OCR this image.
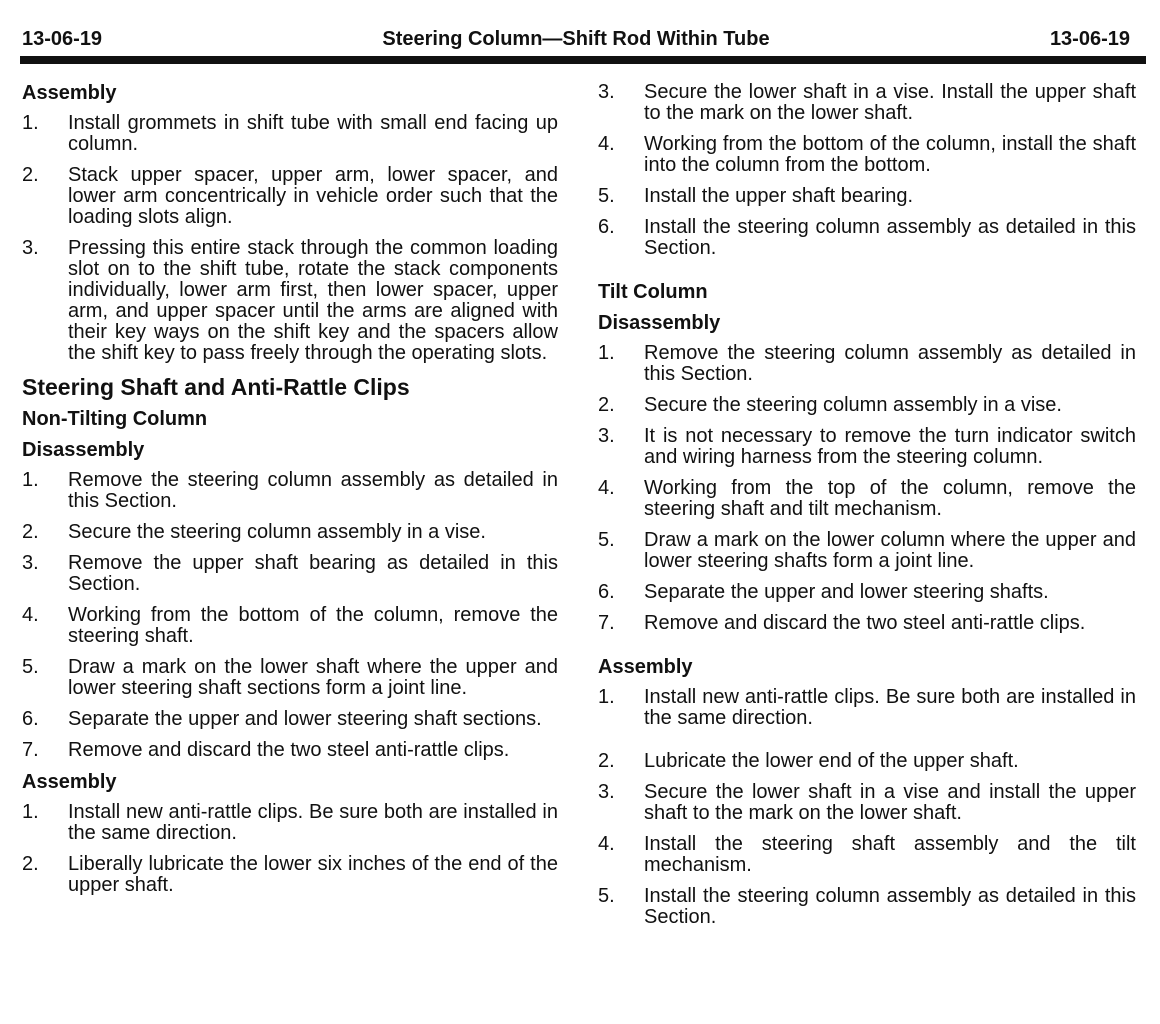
13-06-19	Steering Column—Shift Rod Within Tube	13-06-19
Assembly
1.	Install grommets in shift tube with small end facing up column.
2.	Stack upper spacer, upper arm, lower spacer, and lower arm concentrically in vehicle order such that the loading slots align.
3.	Pressing this entire stack through the common loading slot on to the shift tube, rotate the stack components individually, lower arm first, then lower spacer, upper arm, and upper spacer until the arms are aligned with their key ways on the shift key and the spacers allow the shift key to pass freely through the operating slots.
Steering Shaft and Anti-Rattle Clips
Non-Tilting Column
Disassembly
1.	Remove the steering column assembly as detailed in this Section.
2.	Secure the steering column assembly in a vise.
3.	Remove the upper shaft bearing as detailed in this Section.
4.	Working from the bottom of the column, remove the steering shaft.
5.	Draw a mark on the lower shaft where the upper and lower steering shaft sections form a joint line.
6.	Separate the upper and lower steering shaft sections.
7.	Remove and discard the two steel anti-rattle clips.
Assembly
1.	Install new anti-rattle clips. Be sure both are installed in the same direction.
2.	Liberally lubricate the lower six inches of the end of the upper shaft.
3.	Secure the lower shaft in a vise. Install the upper shaft to the mark on the lower shaft.
4.	Working from the bottom of the column, install the shaft into the column from the bottom.
5.	Install the upper shaft bearing.
6.	Install the steering column assembly as detailed in this Section.
Tilt Column
Disassembly
1.	Remove the steering column assembly as detailed in this Section.
2.	Secure the steering column assembly in a vise.
3.	It is not necessary to remove the turn indicator switch and wiring harness from the steering column.
4.	Working from the top of the column, remove the steering shaft and tilt mechanism.
5.	Draw a mark on the lower column where the upper and lower steering shafts form a joint line.
6.	Separate the upper and lower steering shafts.
7.	Remove and discard the two steel anti-rattle clips.
Assembly
1.	Install new anti-rattle clips. Be sure both are installed in the same direction.
2.	Lubricate the lower end of the upper shaft.
3.	Secure the lower shaft in a vise and install the upper shaft to the mark on the lower shaft.
4.	Install the steering shaft assembly and the tilt mechanism.
5.	Install the steering column assembly as detailed in this Section.
